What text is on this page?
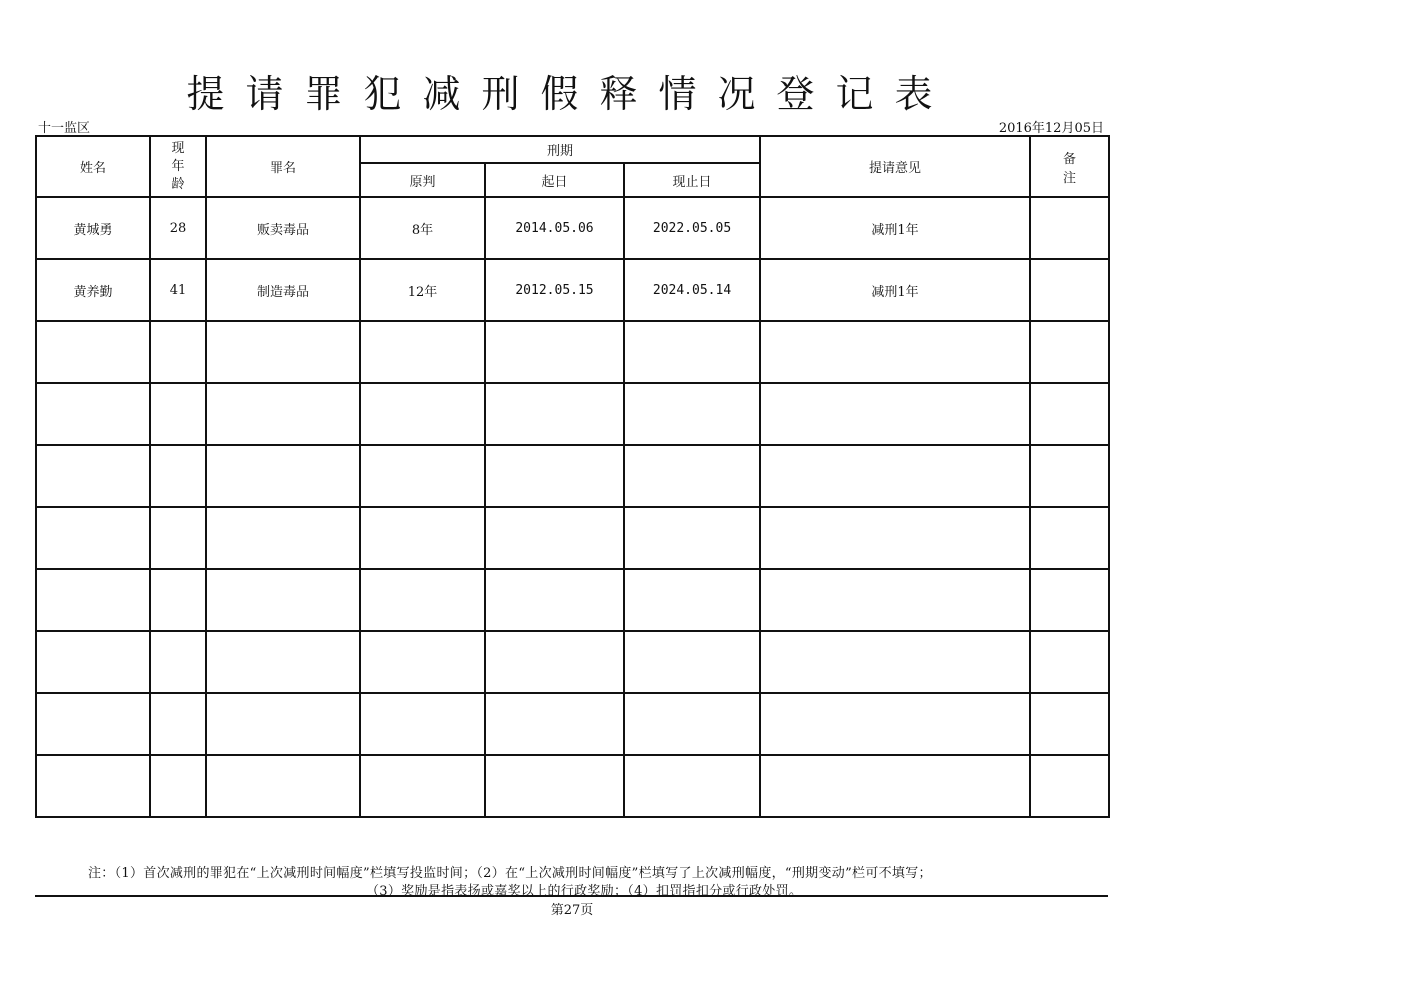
提请罪犯减刑假释情况登记表
十一监区	2016年12月05日
姓名	现
年
龄	罪名	刑期			提请意见	备注
			原判	起日	现止日		
黄城勇	28	贩卖毒品	8年	2014.05.06	2022.05.05	减刑1年	
黄养勤	41	制造毒品	12年	2012.05.15	2024.05.14	减刑1年	

注：（1）首次减刑的罪犯在“上次减刑时间幅度”栏填写投监时间；（2）在“上次减刑时间幅度”栏填写了上次减刑幅度，“刑期变动”栏可不填写；
（3）奖励是指表扬或嘉奖以上的行政奖励；（4）扣罚指扣分或行政处罚。
第27页
